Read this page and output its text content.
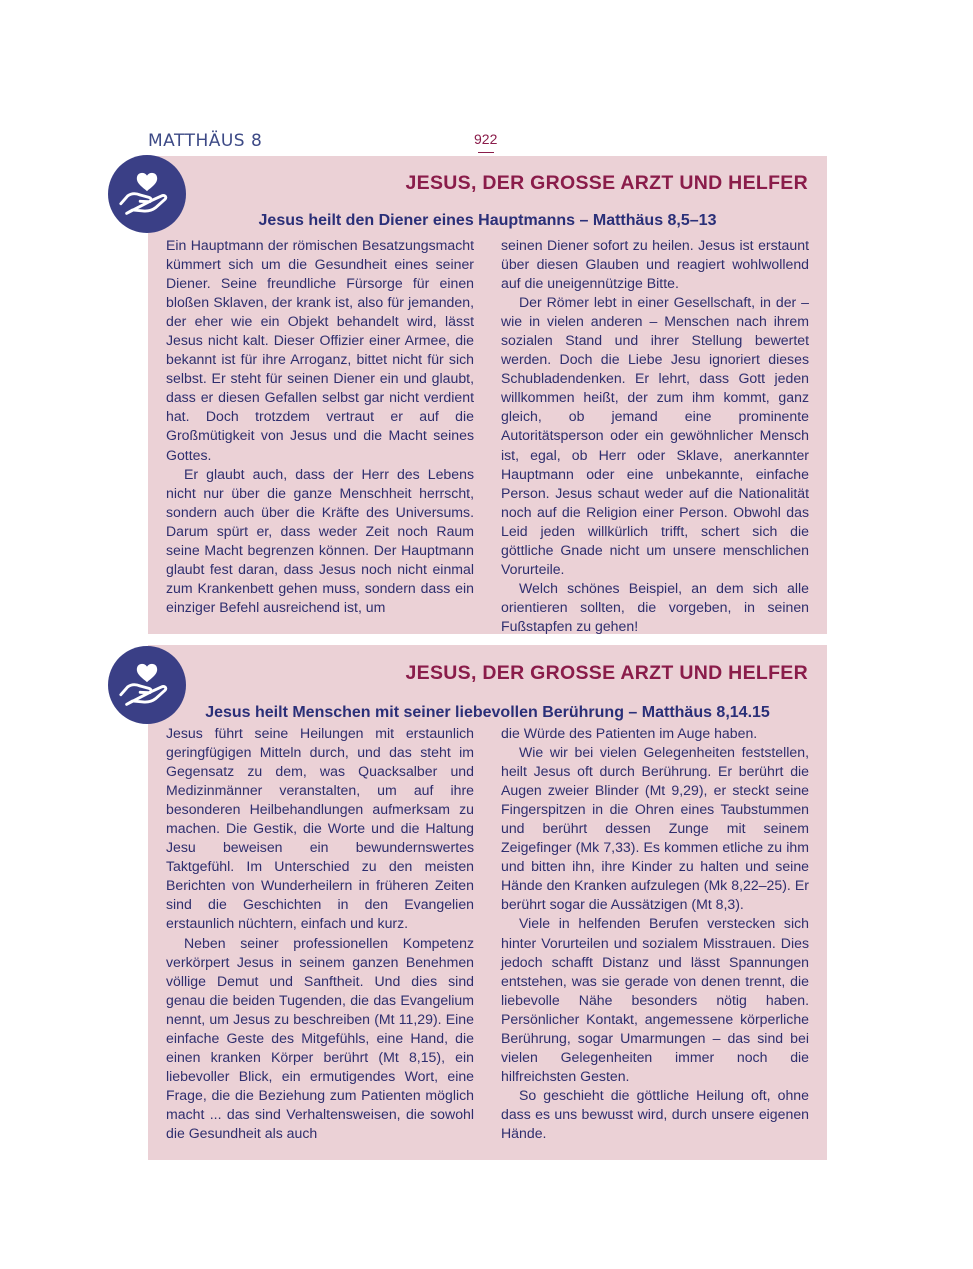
MATTHÄUS 8	922
JESUS, DER GROSSE ARZT UND HELFER
Jesus heilt den Diener eines Hauptmanns – Matthäus 8,5–13

Ein Hauptmann der römischen Besatzungsmacht kümmert sich um die Gesundheit eines seiner Diener. Seine freundliche Fürsorge für einen bloßen Sklaven, der krank ist, also für jemanden, der eher wie ein Objekt behandelt wird, lässt Jesus nicht kalt. Dieser Offizier einer Armee, die bekannt ist für ihre Arroganz, bittet nicht für sich selbst. Er steht für seinen Diener ein und glaubt, dass er diesen Gefallen selbst gar nicht verdient hat. Doch trotzdem vertraut er auf die Großmütigkeit von Jesus und die Macht seines Gottes.

Er glaubt auch, dass der Herr des Lebens nicht nur über die ganze Menschheit herrscht, sondern auch über die Kräfte des Universums. Darum spürt er, dass weder Zeit noch Raum seine Macht begrenzen können. Der Hauptmann glaubt fest daran, dass Jesus noch nicht einmal zum Krankenbett gehen muss, sondern dass ein einziger Befehl ausreichend ist, um

seinen Diener sofort zu heilen. Jesus ist erstaunt über diesen Glauben und reagiert wohlwollend auf die uneigennützige Bitte.

Der Römer lebt in einer Gesellschaft, in der – wie in vielen anderen – Menschen nach ihrem sozialen Stand und ihrer Stellung bewertet werden. Doch die Liebe Jesu ignoriert dieses Schubladendenken. Er lehrt, dass Gott jeden willkommen heißt, der zum ihm kommt, ganz gleich, ob jemand eine prominente Autoritätsperson oder ein gewöhnlicher Mensch ist, egal, ob Herr oder Sklave, anerkannter Hauptmann oder eine unbekannte, einfache Person. Jesus schaut weder auf die Nationalität noch auf die Religion einer Person. Obwohl das Leid jeden willkürlich trifft, schert sich die göttliche Gnade nicht um unsere menschlichen Vorurteile.

Welch schönes Beispiel, an dem sich alle orientieren sollten, die vorgeben, in seinen Fußstapfen zu gehen!

JESUS, DER GROSSE ARZT UND HELFER
Jesus heilt Menschen mit seiner liebevollen Berührung – Matthäus 8,14.15

Jesus führt seine Heilungen mit erstaunlich geringfügigen Mitteln durch, und das steht im Gegensatz zu dem, was Quacksalber und Medizinmänner veranstalten, um auf ihre besonderen Heilbehandlungen aufmerksam zu machen. Die Gestik, die Worte und die Haltung Jesu beweisen ein bewundernswertes Taktgefühl. Im Unterschied zu den meisten Berichten von Wunderheilern in früheren Zeiten sind die Geschichten in den Evangelien erstaunlich nüchtern, einfach und kurz.

Neben seiner professionellen Kompetenz verkörpert Jesus in seinem ganzen Benehmen völlige Demut und Sanftheit. Und dies sind genau die beiden Tugenden, die das Evangelium nennt, um Jesus zu beschreiben (Mt 11,29). Eine einfache Geste des Mitgefühls, eine Hand, die einen kranken Körper berührt (Mt 8,15), ein liebevoller Blick, ein ermutigendes Wort, eine Frage, die die Beziehung zum Patienten möglich macht ... das sind Verhaltensweisen, die sowohl die Gesundheit als auch

die Würde des Patienten im Auge haben.

Wie wir bei vielen Gelegenheiten feststellen, heilt Jesus oft durch Berührung. Er berührt die Augen zweier Blinder (Mt 9,29), er steckt seine Fingerspitzen in die Ohren eines Taubstummen und berührt dessen Zunge mit seinem Zeigefinger (Mk 7,33). Es kommen etliche zu ihm und bitten ihn, ihre Kinder zu halten und seine Hände den Kranken aufzulegen (Mk 8,22–25). Er berührt sogar die Aussätzigen (Mt 8,3).

Viele in helfenden Berufen verstecken sich hinter Vorurteilen und sozialem Misstrauen. Dies jedoch schafft Distanz und lässt Spannungen entstehen, was sie gerade von denen trennt, die liebevolle Nähe besonders nötig haben. Persönlicher Kontakt, angemessene körperliche Berührung, sogar Umarmungen – das sind bei vielen Gelegenheiten immer noch die hilfreichsten Gesten.

So geschieht die göttliche Heilung oft, ohne dass es uns bewusst wird, durch unsere eigenen Hände.
